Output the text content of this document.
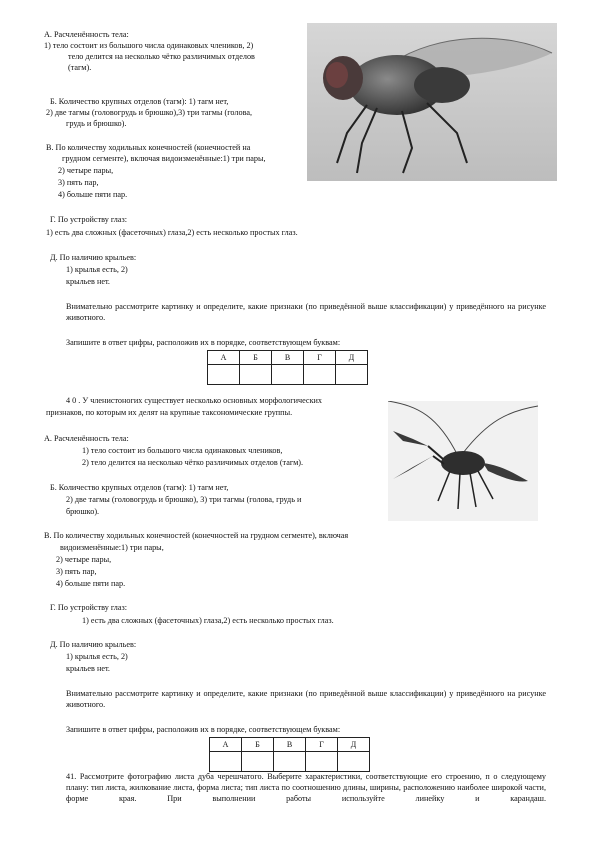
А. Расчленённость тела:
1) тело состоит из большого числа одинаковых члеников, 2)
тело делится на несколько чётко различимых отделов
(тагм).
Б. Количество крупных отделов (тагм): 1) тагм нет,
2) две тагмы (головогрудь и брюшко),3) три тагмы (голова,
грудь и брюшко).
В. По количеству ходильных конечностей (конечностей на
грудном сегменте), включая видоизменённые:1) три пары,
2) четыре пары,
3) пять пар,
4) больше пяти пар.
Г. По устройству глаз:
1) есть два сложных (фасеточных) глаза,2) есть несколько простых глаз.
Д. По наличию крыльев:
1) крылья есть, 2)
крыльев нет.
Внимательно рассмотрите картинку и определите, какие признаки (по приведённой выше классификации) у приведённого на рисунке животного.
Запишите в ответ цифры, расположив их в порядке, соответствующем буквам:
А	Б	В	Г	Д

4 0 . У членистоногих существует несколько основных морфологических
признаков, по которым их делят на крупные таксономические группы.
А. Расчленённость тела:
1) тело состоит из большого числа одинаковых члеников,
2) тело делится на несколько чётко различимых отделов (тагм).
Б. Количество крупных отделов (тагм): 1) тагм нет,
2) две тагмы (головогрудь и брюшко), 3) три тагмы (голова, грудь и
брюшко).
В. По количеству ходильных конечностей (конечностей на грудном сегменте), включая
видоизменённые:1) три пары,
2) четыре пары,
3) пять пар,
4) больше пяти пар.
Г. По устройству глаз:
1) есть два сложных (фасеточных) глаза,2) есть несколько простых глаз.
Д. По наличию крыльев:
1) крылья есть, 2)
крыльев нет.
Внимательно рассмотрите картинку и определите, какие признаки (по приведённой выше классификации) у приведённого на рисунке животного.
Запишите в ответ цифры, расположив их в порядке, соответствующем буквам:
А	Б	В	Г	Д

41. Рассмотрите фотографию листа дуба черешчатого. Выберите характеристики, соответствующие его строению, п о следующему плану: тип листа, жилкование листа, форма листа; тип листа по соотношению длины, ширины, расположению наиболее широкой части, форме края. При выполнении работы используйте линейку и карандаш.
